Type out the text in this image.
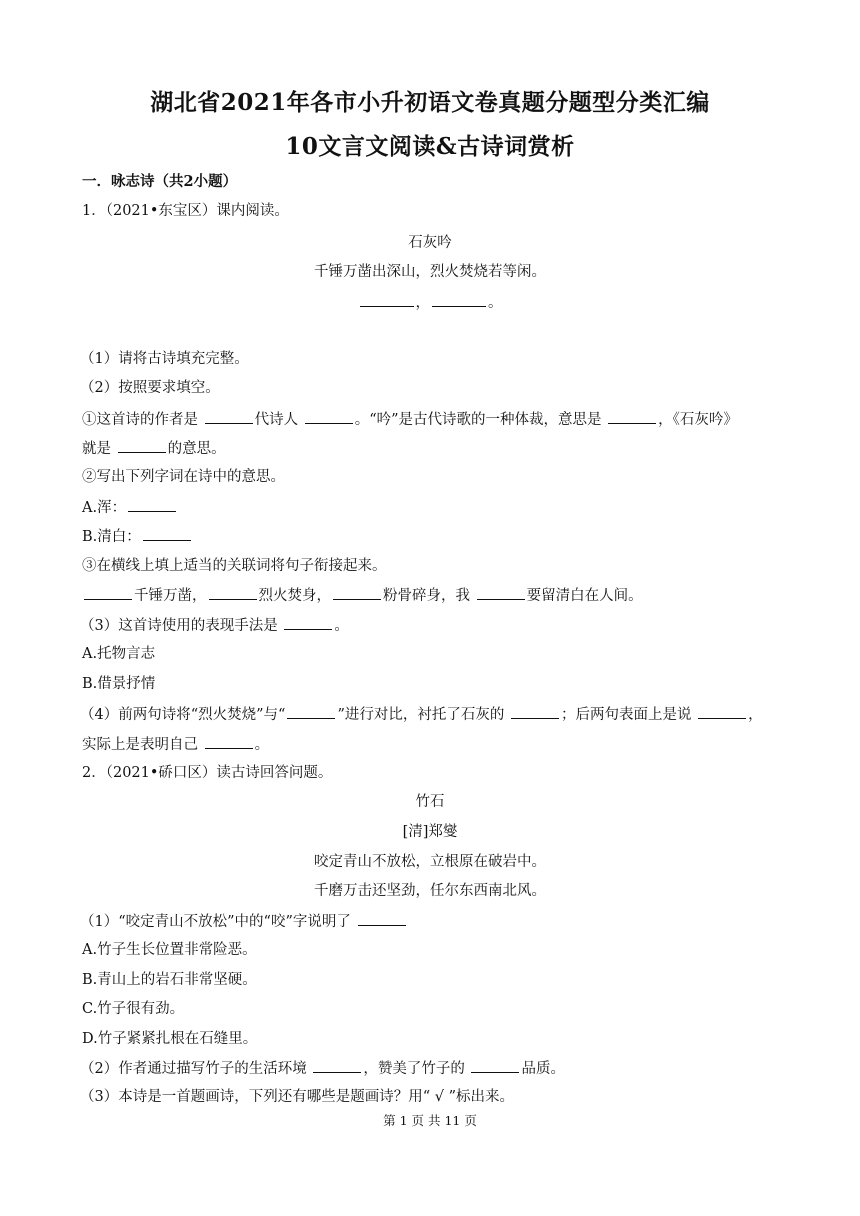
湖北省2021年各市小升初语文卷真题分题型分类汇编
10文言文阅读&古诗词赏析
一．咏志诗（共2小题）
1．（2021•东宝区）课内阅读。
石灰吟
千锤万凿出深山，烈火焚烧若等闲。
，	。
（1）请将古诗填充完整。
（2）按照要求填空。
①这首诗的作者是	代诗人	。“吟”是古代诗歌的一种体裁，意思是	，《石灰吟》
就是	的意思。
②写出下列字词在诗中的意思。
A.浑：
B.清白：
③在横线上填上适当的关联词将句子衔接起来。
千锤万凿，	烈火焚身，	粉骨碎身，我	要留清白在人间。
（3）这首诗使用的表现手法是	。
A.托物言志
B.借景抒情
（4）前两句诗将“烈火焚烧”与“	”进行对比，衬托了石灰的	；后两句表面上是说	，
实际上是表明自己	。
2．（2021•硚口区）读古诗回答问题。
竹石
[清]郑燮
咬定青山不放松，立根原在破岩中。
千磨万击还坚劲，任尔东西南北风。
（1）“咬定青山不放松”中的“咬”字说明了
A.竹子生长位置非常险恶。
B.青山上的岩石非常坚硬。
C.竹子很有劲。
D.竹子紧紧扎根在石缝里。
（2）作者通过描写竹子的生活环境	，赞美了竹子的	品质。
（3）本诗是一首题画诗，下列还有哪些是题画诗？用“ √ ”标出来。
第 1 页 共 11 页
